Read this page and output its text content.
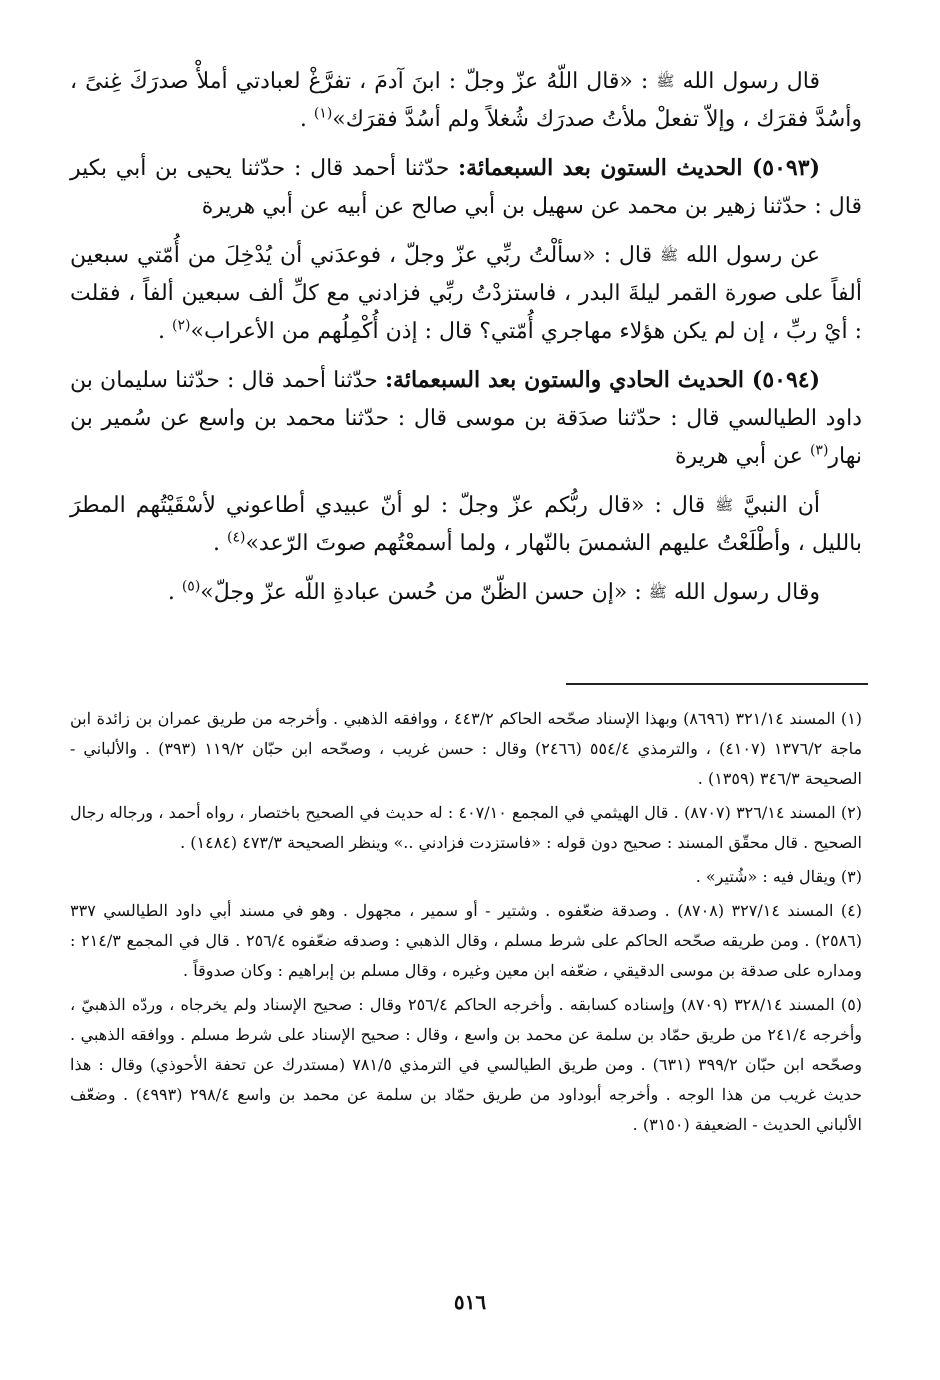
قال رسول الله ﷺ : «قال اللّهُ عزّ وجلّ : ابنَ آدمَ ، تفرَّغْ لعبادتي أملأْ صدرَكَ غِنىً ، وأسُدَّ فقرَك ، وإلاّ تفعلْ ملأتُ صدرَك شُغلاً ولم أسُدَّ فقرَك»$^{(١)}$ .

(٥٠٩٣) الحديث الستون بعد السبعمائة: حدّثنا أحمد قال : حدّثنا يحيى بن أبي بكير قال : حدّثنا زهير بن محمد عن سهيل بن أبي صالح عن أبيه عن أبي هريرة

عن رسول الله ﷺ قال : «سألْتُ ربِّي عزّ وجلّ ، فوعدَني أن يُدْخِلَ من أُمّتي سبعين ألفاً على صورة القمر ليلةَ البدر ، فاستزدْتُ ربِّي فزادني مع كلِّ ألف سبعين ألفاً ، فقلت : أيْ ربِّ ، إن لم يكن هؤلاء مهاجري أُمّتي؟ قال : إذن أُكْمِلُهم من الأعراب»$^{(٢)}$ .

(٥٠٩٤) الحديث الحادي والستون بعد السبعمائة: حدّثنا أحمد قال : حدّثنا سليمان بن داود الطيالسي قال : حدّثنا صدَقة بن موسى قال : حدّثنا محمد بن واسع عن سُمير بن نهار$^{(٣)}$ عن أبي هريرة

أن النبيَّ ﷺ قال : «قال ربُّكم عزّ وجلّ : لو أنّ عبيدي أطاعوني لأسْقَيْتُهم المطرَ بالليل ، وأطْلَعْتُ عليهم الشمسَ بالنّهار ، ولما أسمعْتُهم صوتَ الرّعد»$^{(٤)}$ .

وقال رسول الله ﷺ : «إن حسن الظّنّ من حُسن عبادةِ اللّه عزّ وجلّ»$^{(٥)}$ .

(١) المسند ٣٢١/١٤ (٨٦٩٦) وبهذا الإسناد صحّحه الحاكم ٤٤٣/٢ ، ووافقه الذهبي . وأخرجه من طريق عمران بن زائدة ابن ماجة ١٣٧٦/٢ (٤١٠٧) ، والترمذي ٥٥٤/٤ (٢٤٦٦) وقال : حسن غريب ، وصحّحه ابن حبّان ١١٩/٢ (٣٩٣) . والألباني - الصحيحة ٣٤٦/٣ (١٣٥٩) .

(٢) المسند ٣٢٦/١٤ (٨٧٠٧) . قال الهيثمي في المجمع ٤٠٧/١٠ : له حديث في الصحيح باختصار ، رواه أحمد ، ورجاله رجال الصحيح . قال محقّق المسند : صحيح دون قوله : «فاستزدت فزادني ..» وينظر الصحيحة ٤٧٣/٣ (١٤٨٤) .

(٣) ويقال فيه : «شُتير» .

(٤) المسند ٣٢٧/١٤ (٨٧٠٨) . وصدقة ضعّفوه . وشتير - أو سمير ، مجهول . وهو في مسند أبي داود الطيالسي ٣٣٧ (٢٥٨٦) . ومن طريقه صحّحه الحاكم على شرط مسلم ، وقال الذهبي : وصدقه ضعّفوه ٢٥٦/٤ . قال في المجمع ٢١٤/٣ : ومداره على صدقة بن موسى الدقيقي ، ضعّفه ابن معين وغيره ، وقال مسلم بن إبراهيم : وكان صدوقاً .

(٥) المسند ٣٢٨/١٤ (٨٧٠٩) وإسناده كسابقه . وأخرجه الحاكم ٢٥٦/٤ وقال : صحيح الإسناد ولم يخرجاه ، وردّه الذهبيّ ، وأخرجه ٢٤١/٤ من طريق حمّاد بن سلمة عن محمد بن واسع ، وقال : صحيح الإسناد على شرط مسلم . ووافقه الذهبي . وصحّحه ابن حبّان ٣٩٩/٢ (٦٣١) . ومن طريق الطيالسي في الترمذي ٧٨١/٥ (مستدرك عن تحفة الأحوذي) وقال : هذا حديث غريب من هذا الوجه . وأخرجه أبوداود من طريق حمّاد بن سلمة عن محمد بن واسع ٢٩٨/٤ (٤٩٩٣) . وضعّف الألباني الحديث - الضعيفة (٣١٥٠) .

٥١٦
